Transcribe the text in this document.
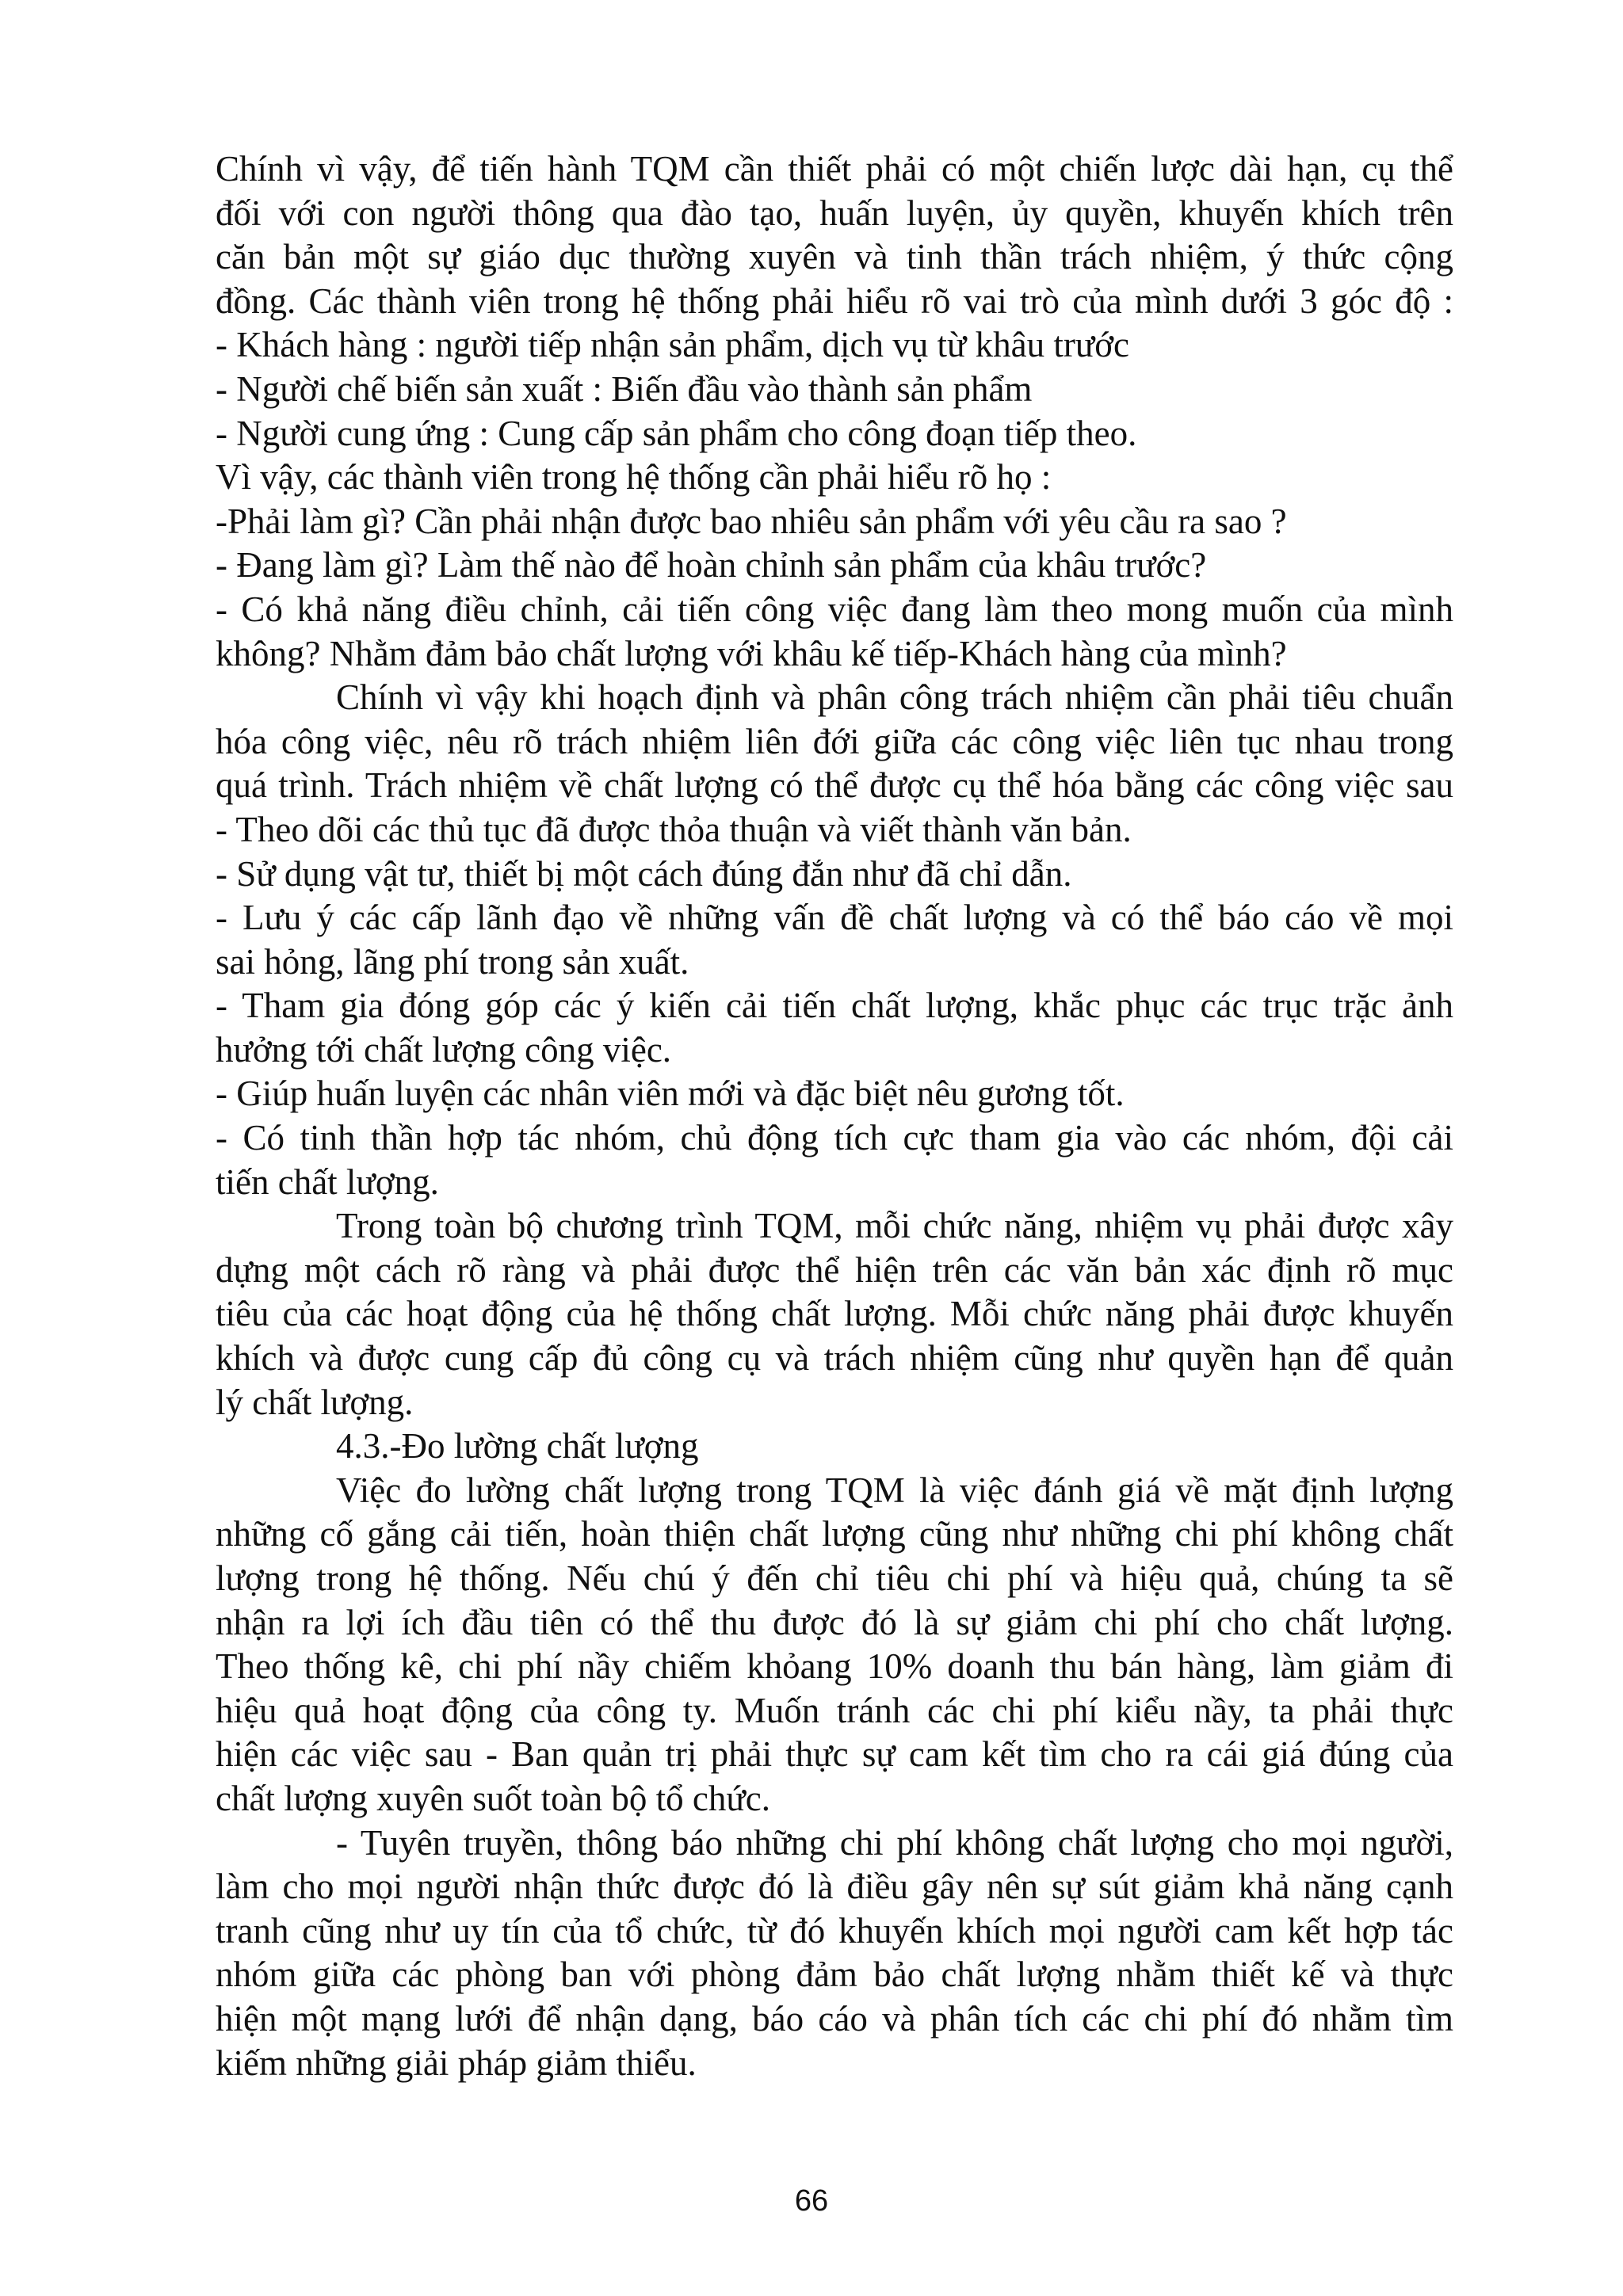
Chính vì vậy, để tiến hành TQM cần thiết phải có một chiến lược dài hạn, cụ thể
đối với con người thông qua đào tạo, huấn luyện, ủy quyền, khuyến khích trên
căn bản một sự giáo dục thường xuyên và tinh thần trách nhiệm, ý thức cộng
đồng. Các thành viên trong hệ thống phải hiểu rõ vai trò của mình dưới 3 góc độ :
- Khách hàng : người tiếp nhận sản phẩm, dịch vụ từ khâu trước
- Người chế biến sản xuất : Biến đầu vào thành sản phẩm
- Người cung ứng : Cung cấp sản phẩm cho công đoạn tiếp theo.
Vì vậy, các thành viên trong hệ thống cần phải hiểu rõ họ :
-Phải làm gì? Cần phải nhận được bao nhiêu sản phẩm với yêu cầu ra sao ?
- Đang làm gì? Làm thế nào để hoàn chỉnh sản phẩm của khâu trước?
- Có khả năng điều chỉnh, cải tiến công việc đang làm theo mong muốn của mình
không? Nhằm đảm bảo chất lượng với khâu kế tiếp-Khách hàng của mình?
Chính vì vậy khi hoạch định và phân công trách nhiệm cần phải tiêu chuẩn
hóa công việc, nêu rõ trách nhiệm liên đới giữa các công việc liên tục nhau trong
quá trình. Trách nhiệm về chất lượng có thể được cụ thể hóa bằng các công việc sau
- Theo dõi các thủ tục đã được thỏa thuận và viết thành văn bản.
- Sử dụng vật tư, thiết bị một cách đúng đắn như đã chỉ dẫn.
- Lưu ý các cấp lãnh đạo về những vấn đề chất lượng và có thể báo cáo về mọi
sai hỏng, lãng phí trong sản xuất.
- Tham gia đóng góp các ý kiến cải tiến chất lượng, khắc phục các trục trặc ảnh
hưởng tới chất lượng công việc.
- Giúp huấn luyện các nhân viên mới và đặc biệt nêu gương tốt.
- Có tinh thần hợp tác nhóm, chủ động tích cực tham gia vào các nhóm, đội cải
tiến chất lượng.
Trong toàn bộ chương trình TQM, mỗi chức năng, nhiệm vụ phải được xây
dựng một cách rõ ràng và phải được thể hiện trên các văn bản xác định rõ mục
tiêu của các hoạt động của hệ thống chất lượng. Mỗi chức năng phải được khuyến
khích và được cung cấp đủ công cụ và trách nhiệm cũng như quyền hạn để quản
lý chất lượng.
4.3.-Đo lường chất lượng
Việc đo lường chất lượng trong TQM là việc đánh giá về mặt định lượng
những cố gắng cải tiến, hoàn thiện chất lượng cũng như những chi phí không chất
lượng trong hệ thống. Nếu chú ý đến chỉ tiêu chi phí và hiệu quả, chúng ta sẽ
nhận ra lợi ích đầu tiên có thể thu được đó là sự giảm chi phí cho chất lượng.
Theo thống kê, chi phí nầy chiếm khỏang 10% doanh thu bán hàng, làm giảm đi
hiệu quả hoạt động của công ty. Muốn tránh các chi phí kiểu nầy, ta phải thực
hiện các việc sau - Ban quản trị phải thực sự cam kết tìm cho ra cái giá đúng của
chất lượng xuyên suốt toàn bộ tổ chức.
- Tuyên truyền, thông báo những chi phí không chất lượng cho mọi người,
làm cho mọi người nhận thức được đó là điều gây nên sự sút giảm khả năng cạnh
tranh cũng như uy tín của tổ chức, từ đó khuyến khích mọi người cam kết hợp tác
nhóm giữa các phòng ban với phòng đảm bảo chất lượng nhằm thiết kế và thực
hiện một mạng lưới để nhận dạng, báo cáo và phân tích các chi phí đó nhằm tìm
kiếm những giải pháp giảm thiểu.
66
